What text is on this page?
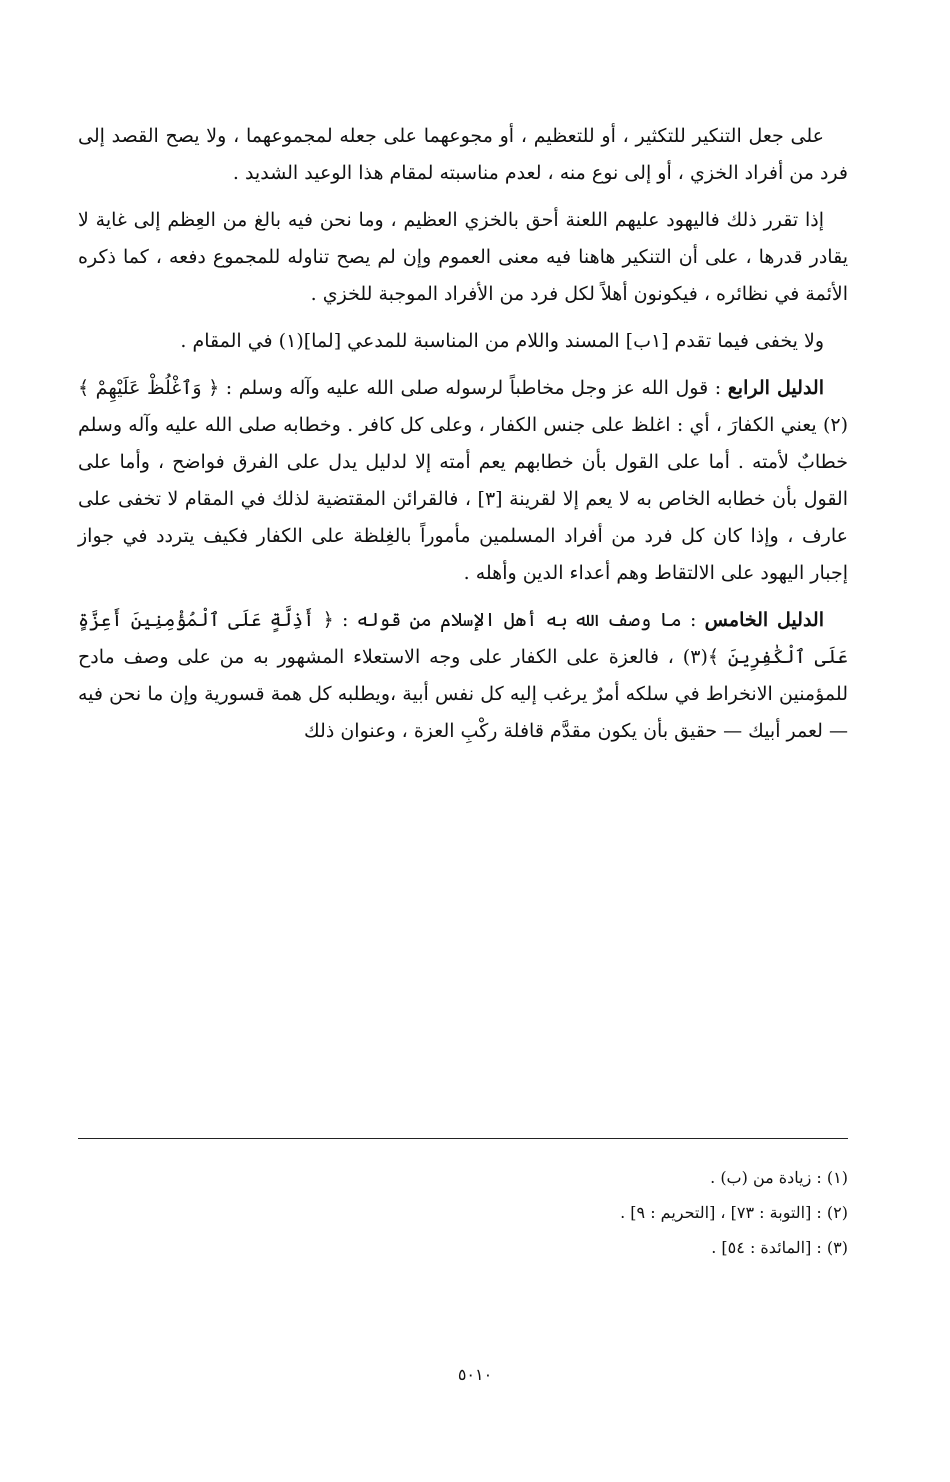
على جعل التنكير للتكثير ، أو للتعظيم ، أو مجوعهما على جعله لمجموعهما ، ولا يصح القصد إلى فرد من أفراد الخزي ، أو إلى نوع منه ، لعدم مناسبته لمقام هذا الوعيد الشديد .

إذا تقرر ذلك فاليهود عليهم اللعنة أحق بالخزي العظيم ، وما نحن فيه بالغ من العِظم إلى غاية لا يقادر قدرها ، على أن التنكير هاهنا فيه معنى العموم وإن لم يصح تناوله للمجموع دفعه ، كما ذكره الأئمة في نظائره ، فيكونون أهلاً لكل فرد من الأفراد الموجبة للخزي .

ولا يخفى فيما تقدم [١ب] المسند واللام من المناسبة للمدعي [لما](١) في المقام .

الدليل الرابع : قول الله عز وجل مخاطباً لرسوله صلى الله عليه وآله وسلم : ﴿ وَٱغْلُظْ عَلَيْهِمْ ﴾(٢) يعني الكفارَ ، أي : اغلظ على جنس الكفار ، وعلى كل كافر . وخطابه صلى الله عليه وآله وسلم خطابٌ لأمته . أما على القول بأن خطابهم يعم أمته إلا لدليل يدل على الفرق فواضح ، وأما على القول بأن خطابه الخاص به لا يعم إلا لقرينة [٣] ، فالقرائن المقتضية لذلك في المقام لا تخفى على عارف ، وإذا كان كل فرد من أفراد المسلمين مأموراً بالغِلظة على الكفار فكيف يتردد في جواز إجبار اليهود على الالتقاط وهم أعداء الدين وأهله .

الدليل الخامس : ما وصف الله به أهل الإسلام من قوله : ﴿ أَذِلَّةٍ عَلَى ٱلْمُؤْمِنِينَ أَعِزَّةٍ عَلَى ٱلْكَٰفِرِينَ ﴾(٣) ، فالعزة على الكفار على وجه الاستعلاء المشهور به من على وصف مادح للمؤمنين الانخراط في سلكه أمرٌ يرغب إليه كل نفس أبية ،ويطلبه كل همة قسورية وإن ما نحن فيه — لعمر أبيك — حقيق بأن يكون مقدَّم قافلة ركْبِ العزة ، وعنوان ذلك

(١) : زيادة من (ب) .

(٢) : [التوبة : ٧٣] ، [التحريم : ٩] .

(٣) : [المائدة : ٥٤] .

٥٠١٠
